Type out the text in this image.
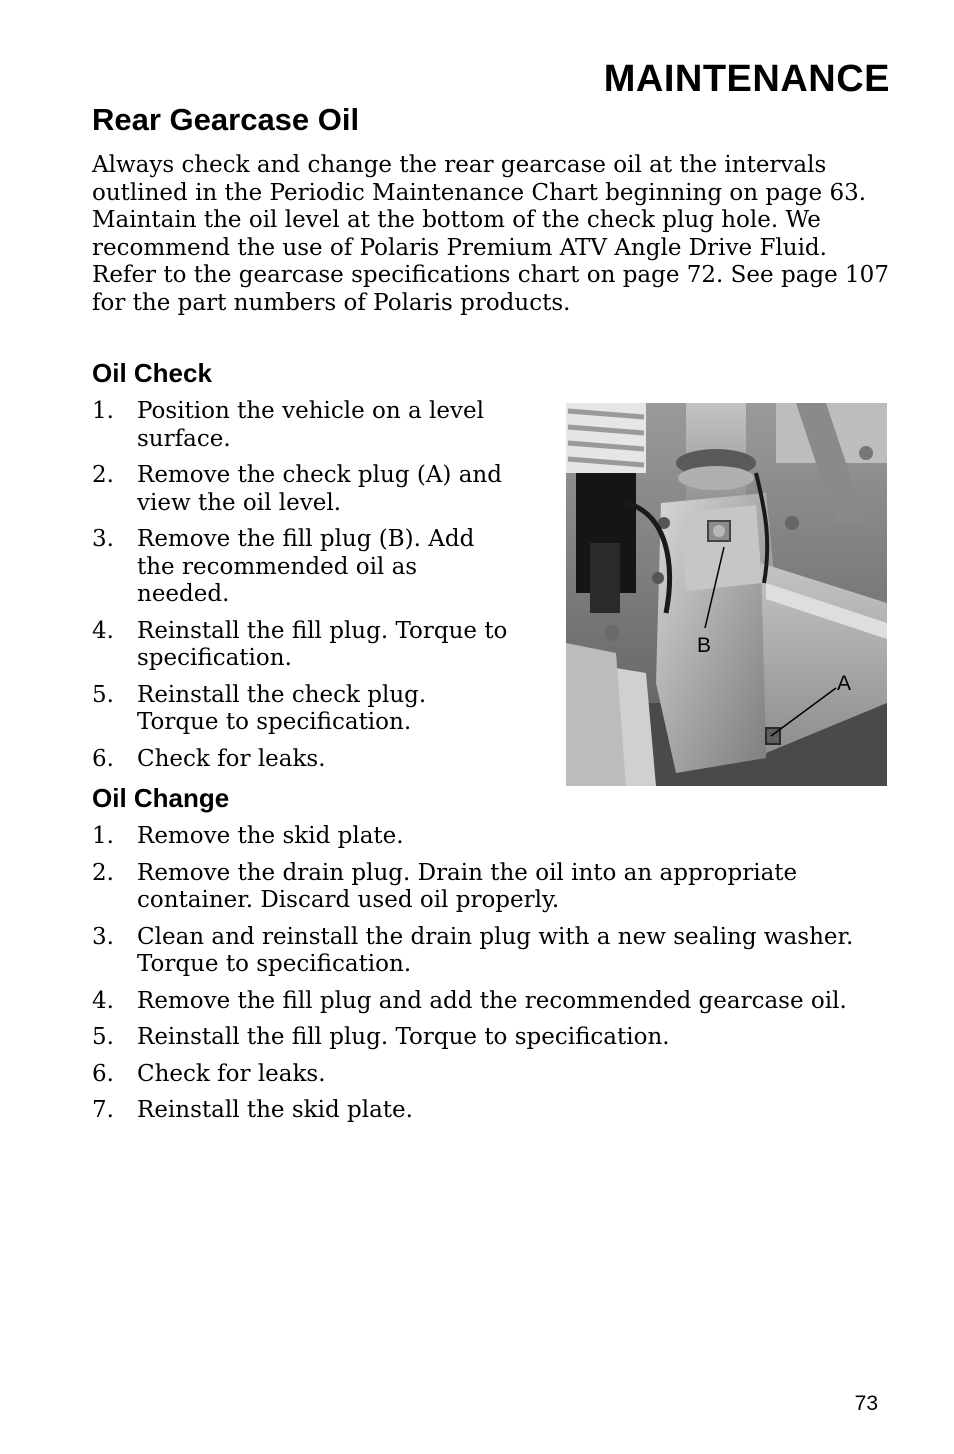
MAINTENANCE
Rear Gearcase Oil

Always check and change the rear gearcase oil at the intervals outlined in the Periodic Maintenance Chart beginning on page 63. Maintain the oil level at the bottom of the check plug hole. We recommend the use of Polaris Premium ATV Angle Drive Fluid. Refer to the gearcase specifications chart on page 72. See page 107 for the part numbers of Polaris products.

Oil Check
1. Position the vehicle on a level surface.
2. Remove the check plug (A) and view the oil level.
3. Remove the fill plug (B). Add the recommended oil as needed.
4. Reinstall the fill plug. Torque to specification.
5. Reinstall the check plug. Torque to specification.
6. Check for leaks.
B
A
Oil Change
1. Remove the skid plate.
2. Remove the drain plug. Drain the oil into an appropriate container. Discard used oil properly.
3. Clean and reinstall the drain plug with a new sealing washer. Torque to specification.
4. Remove the fill plug and add the recommended gearcase oil.
5. Reinstall the fill plug. Torque to specification.
6. Check for leaks.
7. Reinstall the skid plate.
73
